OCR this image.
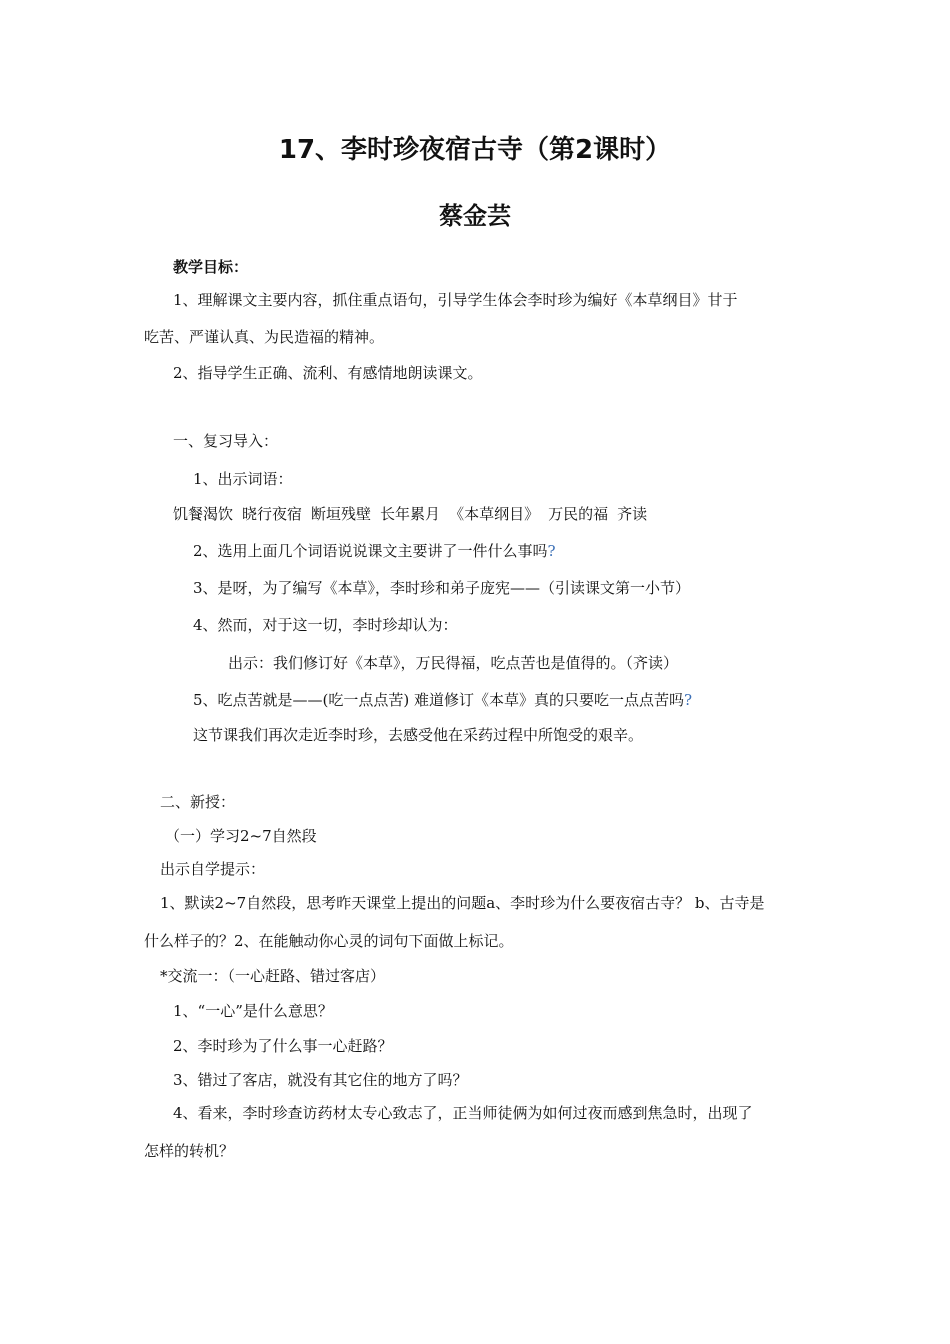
17、李时珍夜宿古寺（第2课时）
蔡金芸
教学目标：
1、理解课文主要内容，抓住重点语句，引导学生体会李时珍为编好《本草纲目》甘于
吃苦、严谨认真、为民造福的精神。
2、指导学生正确、流利、有感情地朗读课文。
一、复习导入：
1、出示词语：
饥餐渴饮 晓行夜宿 断垣残壁 长年累月 《本草纲目》 万民的福 齐读
2、选用上面几个词语说说课文主要讲了一件什么事吗?
3、是呀，为了编写《本草》，李时珍和弟子庞宪——（引读课文第一小节）
4、然而，对于这一切，李时珍却认为：
出示：我们修订好《本草》，万民得福，吃点苦也是值得的。（齐读）
5、吃点苦就是——(吃一点点苦) 难道修订《本草》真的只要吃一点点苦吗?
这节课我们再次走近李时珍，去感受他在采药过程中所饱受的艰辛。
二、新授：
（一）学习2~7自然段
出示自学提示：
1、默读2~7自然段，思考昨天课堂上提出的问题a、李时珍为什么要夜宿古寺？ b、古寺是
什么样子的？2、在能触动你心灵的词句下面做上标记。
*交流一：（一心赶路、错过客店）
1、“一心”是什么意思？
2、李时珍为了什么事一心赶路？
3、错过了客店，就没有其它住的地方了吗？
4、看来，李时珍查访药材太专心致志了，正当师徒俩为如何过夜而感到焦急时，出现了
怎样的转机？
